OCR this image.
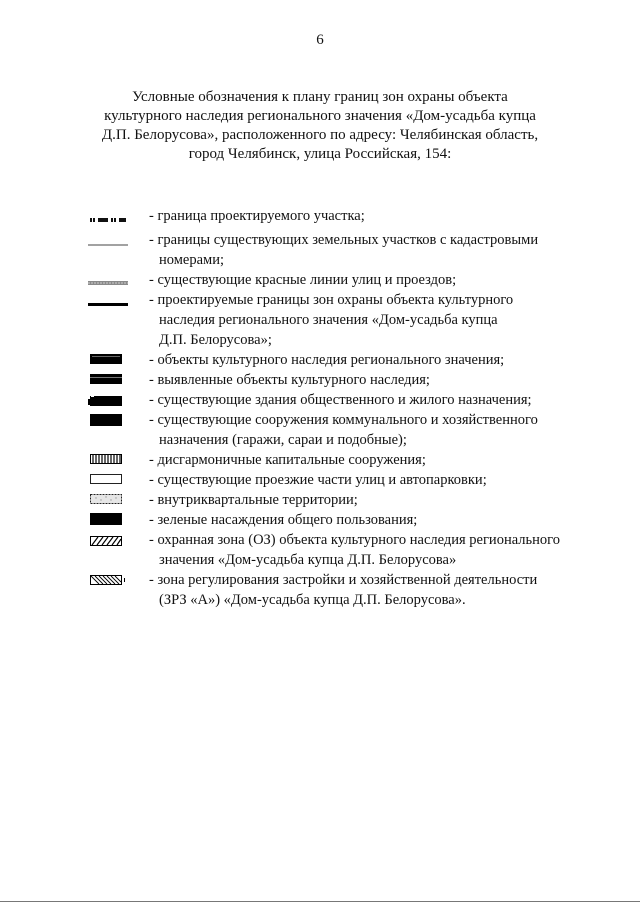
6
Условные обозначения к плану границ зон охраны объекта
культурного наследия регионального значения «Дом-усадьба купца
Д.П. Белорусова», расположенного по адресу: Челябинская область,
город Челябинск, улица Российская, 154:
- граница проектируемого участка;
- границы существующих земельных участков с кадастровыми
номерами;
- существующие красные линии улиц и проездов;
- проектируемые границы зон охраны объекта культурного
наследия регионального значения «Дом-усадьба купца
Д.П. Белорусова»;
- объекты культурного наследия регионального значения;
- выявленные объекты культурного наследия;
- существующие здания общественного и жилого назначения;
- существующие сооружения коммунального и хозяйственного
назначения (гаражи, сараи и подобные);
- дисгармоничные капитальные сооружения;
- существующие проезжие части улиц и автопарковки;
- внутриквартальные территории;
- зеленые насаждения общего пользования;
- охранная зона (ОЗ) объекта культурного наследия регионального
значения «Дом-усадьба купца Д.П. Белорусова»
- зона регулирования застройки и хозяйственной деятельности
(ЗРЗ «А») «Дом-усадьба купца Д.П. Белорусова».
